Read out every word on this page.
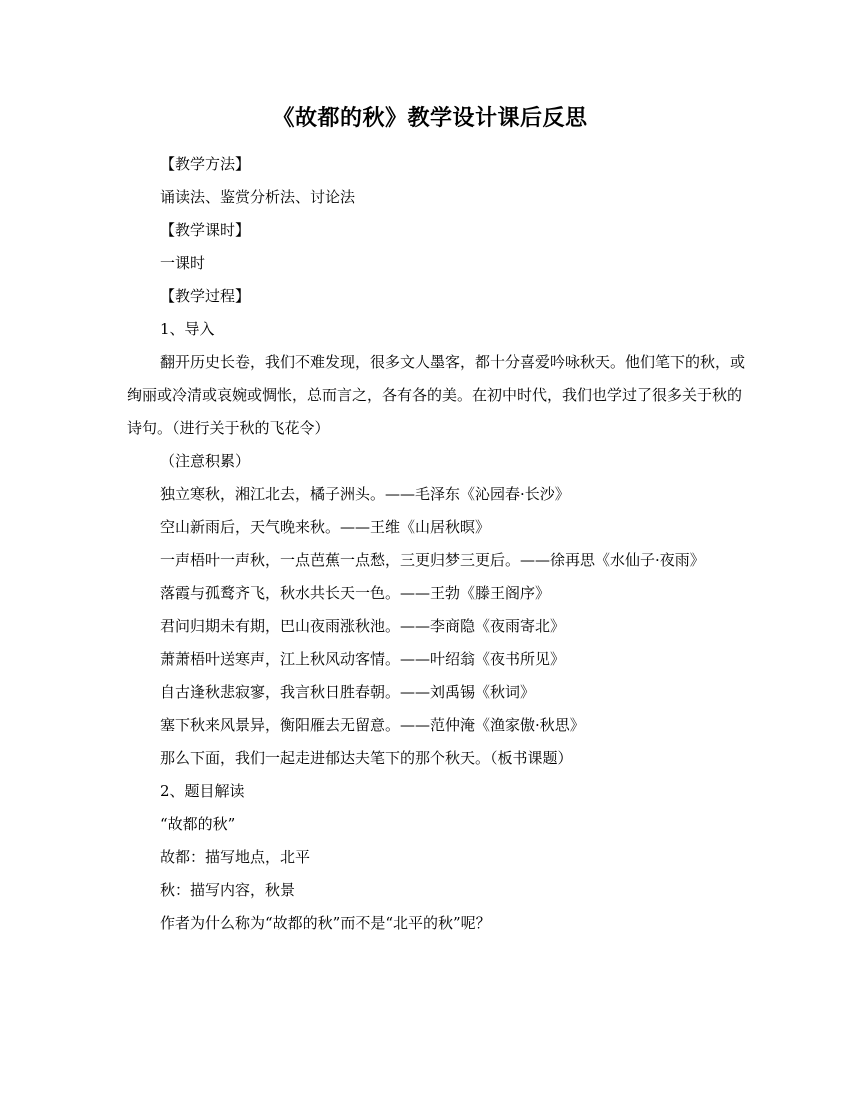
《故都的秋》教学设计课后反思

【教学方法】

诵读法、鉴赏分析法、讨论法

【教学课时】

一课时

【教学过程】

1、导入

翻开历史长卷，我们不难发现，很多文人墨客，都十分喜爱吟咏秋天。他们笔下的秋，或绚丽或冷清或哀婉或惆怅，总而言之，各有各的美。在初中时代，我们也学过了很多关于秋的诗句。（进行关于秋的飞花令）

（注意积累）

独立寒秋，湘江北去，橘子洲头。——毛泽东《沁园春·长沙》

空山新雨后，天气晚来秋。——王维《山居秋暝》

一声梧叶一声秋，一点芭蕉一点愁，三更归梦三更后。——徐再思《水仙子·夜雨》

落霞与孤鹜齐飞，秋水共长天一色。——王勃《滕王阁序》

君问归期未有期，巴山夜雨涨秋池。——李商隐《夜雨寄北》

萧萧梧叶送寒声，江上秋风动客情。——叶绍翁《夜书所见》

自古逢秋悲寂寥，我言秋日胜春朝。——刘禹锡《秋词》

塞下秋来风景异，衡阳雁去无留意。——范仲淹《渔家傲·秋思》

那么下面，我们一起走进郁达夫笔下的那个秋天。（板书课题）

2、题目解读

“故都的秋”

故都：描写地点，北平

秋：描写内容，秋景

作者为什么称为“故都的秋”而不是“北平的秋”呢？
